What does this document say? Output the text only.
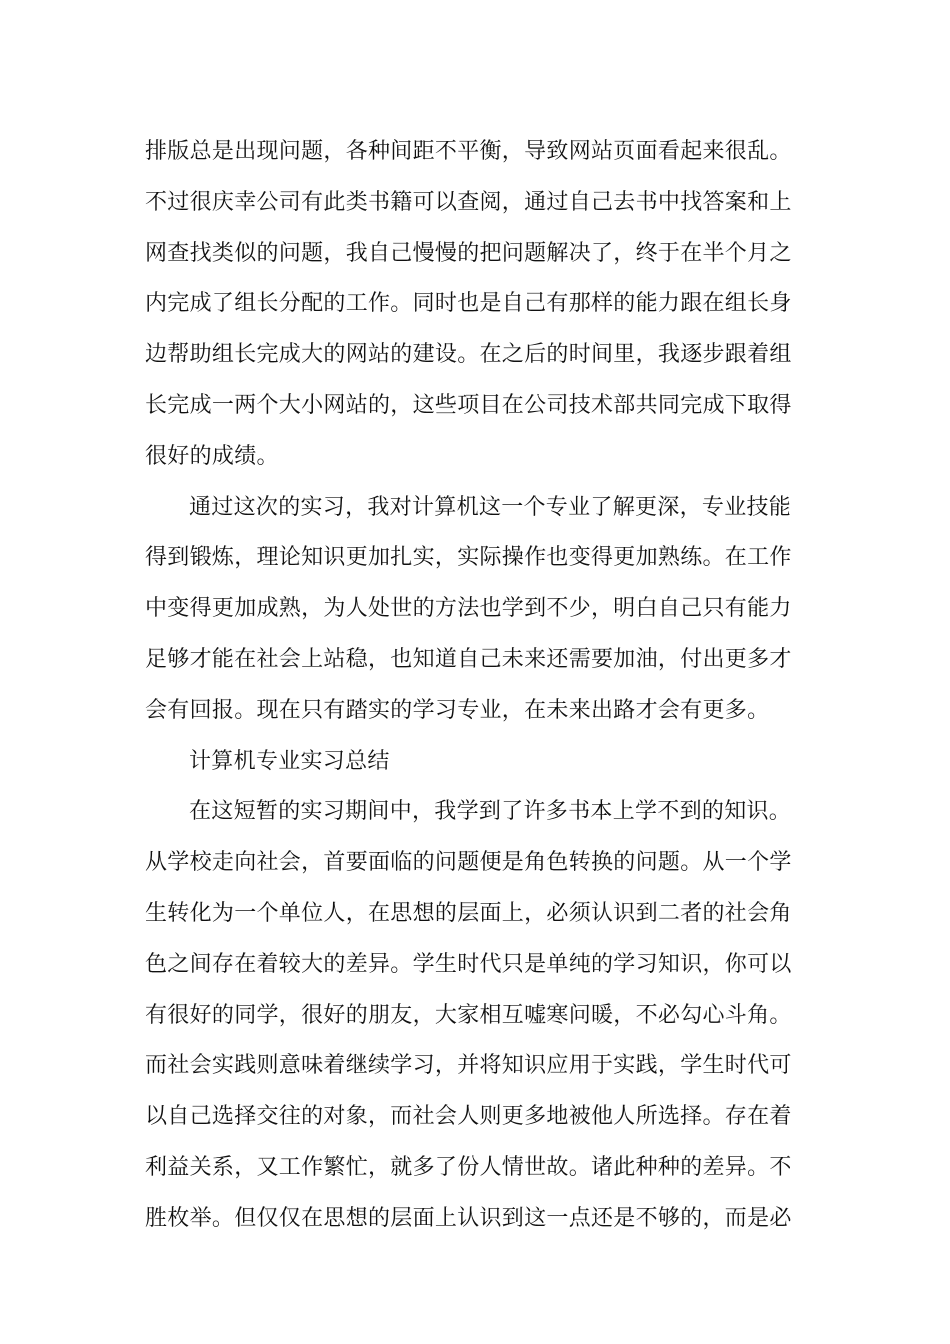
排版总是出现问题，各种间距不平衡，导致网站页面看起来很乱。
不过很庆幸公司有此类书籍可以查阅，通过自己去书中找答案和上
网查找类似的问题，我自己慢慢的把问题解决了，终于在半个月之
内完成了组长分配的工作。同时也是自己有那样的能力跟在组长身
边帮助组长完成大的网站的建设。在之后的时间里，我逐步跟着组
长完成一两个大小网站的，这些项目在公司技术部共同完成下取得
很好的成绩。
通过这次的实习，我对计算机这一个专业了解更深，专业技能
得到锻炼，理论知识更加扎实，实际操作也变得更加熟练。在工作
中变得更加成熟，为人处世的方法也学到不少，明白自己只有能力
足够才能在社会上站稳，也知道自己未来还需要加油，付出更多才
会有回报。现在只有踏实的学习专业，在未来出路才会有更多。
计算机专业实习总结
在这短暂的实习期间中，我学到了许多书本上学不到的知识。
从学校走向社会，首要面临的问题便是角色转换的问题。从一个学
生转化为一个单位人，在思想的层面上，必须认识到二者的社会角
色之间存在着较大的差异。学生时代只是单纯的学习知识，你可以
有很好的同学，很好的朋友，大家相互嘘寒问暖，不必勾心斗角。
而社会实践则意味着继续学习，并将知识应用于实践，学生时代可
以自己选择交往的对象，而社会人则更多地被他人所选择。存在着
利益关系，又工作繁忙，就多了份人情世故。诸此种种的差异。不
胜枚举。但仅仅在思想的层面上认识到这一点还是不够的，而是必
